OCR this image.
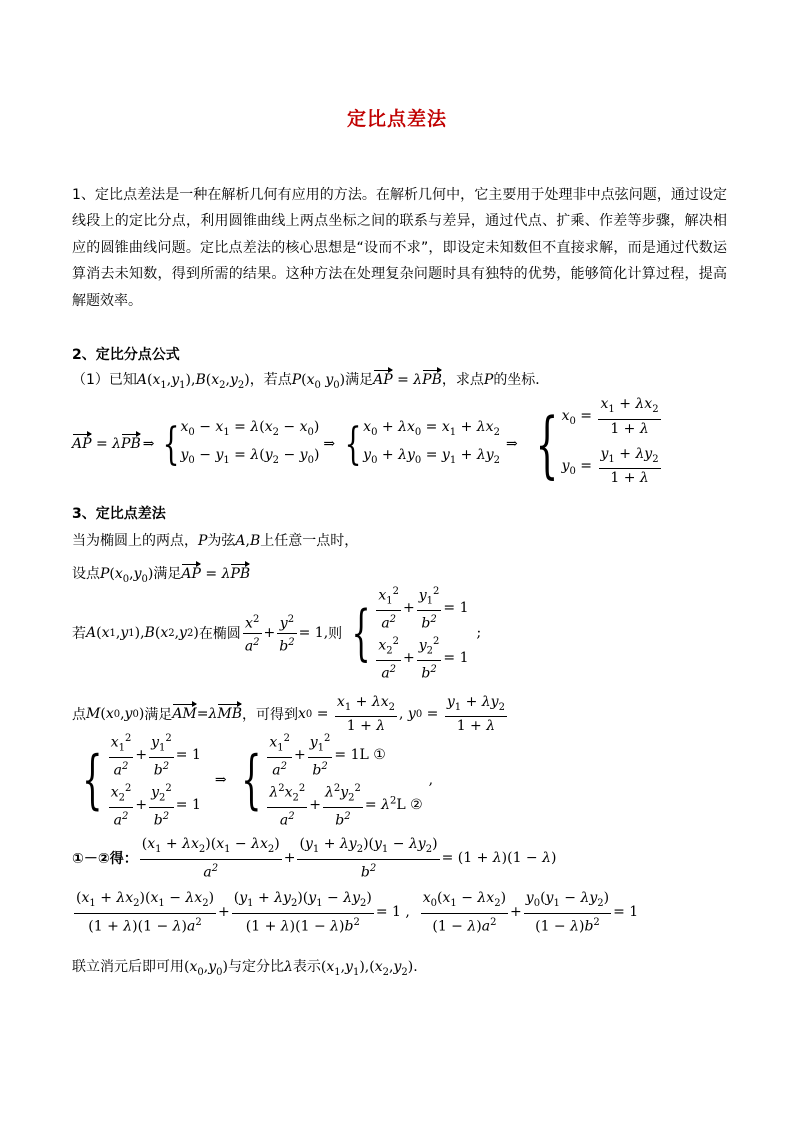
定比点差法
1、定比点差法是一种在解析几何有应用的方法。在解析几何中，它主要用于处理非中点弦问题，通过设定线段上的定比分点，利用圆锥曲线上两点坐标之间的联系与差异，通过代点、扩乘、作差等步骤，解决相应的圆锥曲线问题。定比点差法的核心思想是“设而不求”，即设定未知数但不直接求解，而是通过代数运算消去未知数，得到所需的结果。这种方法在处理复杂问题时具有独特的优势，能够简化计算过程，提高解题效率。
2、定比分点公式
（1）已知$A(x_1,y_1),B(x_2,y_2)$，若点$P(x_0$ $y_0$)满足AP = λPB，求点P的坐标．
AP = λ PB ⇒ { $x_0 - x_1 = \lambda(x_2 - x_0)$
$y_0 - y_1 = \lambda(y_2 - y_0)$
⇒ { $x_0 + \lambda x_0 = x_1 + \lambda x_2$
$y_0 + \lambda y_0 = y_1 + \lambda y_2$
⇒ { $x_0 = \frac{x_1 + \lambda x_2}{1 + \lambda}$
$y_0 = \frac{y_1 + \lambda y_2}{1 + \lambda}$
3、定比点差法
当为椭圆上的两点，P为弦A,B上任意一点时，
设点$P(x_0,y_0)$满足AP = λPB
若 A ( x 1 , y 1 ), B ( x 2 , y 2 ) 在椭圆 $\frac{x^2}{a^2} + \frac{y^2}{b^2} = 1$, 则 { $\frac{x_1^2}{a^2} + \frac{y_1^2}{b^2} = 1$
$\frac{x_2^2}{a^2} + \frac{y_2^2}{b^2} = 1$
;
点 M ( x 0 , y 0 ) 满足 AM = λ MB ，可得到 x $0 = \frac{x_1 + \lambda x_2}{1 + \lambda}$ , y $0 = \frac{y_1 + \lambda y_2}{1 + \lambda}$
{ $\frac{x_1^2}{a^2} + \frac{y_1^2}{b^2} = 1$
$\frac{x_2^2}{a^2} + \frac{y_2^2}{b^2} = 1$
⇒ { $\frac{x_1^2}{a^2} + \frac{y_1^2}{b^2} = 1L$ ①
$\frac{\lambda^2x_2^2}{a^2} + \frac{\lambda^2y_2^2}{b^2} = \lambda^2L$ ②
,
①－②得： $\frac{(x_1 + \lambda x_2)(x_1 - \lambda x_2)}{a^2} + \frac{(y_1 + \lambda y_2)(y_1 - \lambda y_2)}{b^2} = (1 + \lambda)(1 - \lambda)$
$\frac{(x_1 + \lambda x_2)(x_1 - \lambda x_2)}{(1 + \lambda)(1 - \lambda)a^2} + \frac{(y_1 + \lambda y_2)(y_1 - \lambda y_2)}{(1 + \lambda)(1 - \lambda)b^2} = 1$ , $\frac{x_0(x_1 - \lambda x_2)}{(1 - \lambda)a^2} + \frac{y_0(y_1 - \lambda y_2)}{(1 - \lambda)b^2} = 1$
联立消元后即可用$(x_0,y_0)$与定分比λ表示$(x_1,y_1),(x_2,y_2)$.
